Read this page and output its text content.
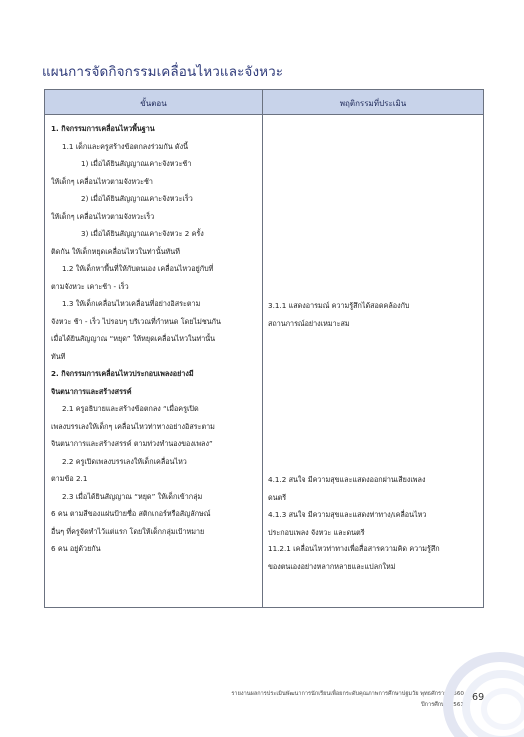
แผนการจัดกิจกรรมเคลื่อนไหวและจังหวะ
ขั้นตอน	พฤติกรรมที่ประเมิน
1. กิจกรรมการเคลื่อนไหวพื้นฐาน
1.1 เด็กและครูสร้างข้อตกลงร่วมกัน ดังนี้
1) เมื่อได้ยินสัญญาณเคาะจังหวะช้า
ให้เด็กๆ เคลื่อนไหวตามจังหวะช้า
2) เมื่อได้ยินสัญญาณเคาะจังหวะเร็ว
ให้เด็กๆ เคลื่อนไหวตามจังหวะเร็ว
3) เมื่อได้ยินสัญญาณเคาะจังหวะ 2 ครั้ง
ติดกัน ให้เด็กหยุดเคลื่อนไหวในท่านั้นทันที
1.2 ให้เด็กหาพื้นที่ให้กับตนเอง เคลื่อนไหวอยู่กับที่
ตามจังหวะ เคาะช้า - เร็ว
1.3 ให้เด็กเคลื่อนไหวเคลื่อนที่อย่างอิสระตาม
จังหวะ ช้า - เร็ว ไปรอบๆ บริเวณที่กำหนด โดยไม่ชนกัน
เมื่อได้ยินสัญญาณ “หยุด” ให้หยุดเคลื่อนไหวในท่านั้น
ทันที
2. กิจกรรมการเคลื่อนไหวประกอบเพลงอย่างมี
จินตนาการและสร้างสรรค์
2.1 ครูอธิบายและสร้างข้อตกลง “เมื่อครูเปิด
เพลงบรรเลงให้เด็กๆ เคลื่อนไหวท่าทางอย่างอิสระตาม
จินตนาการและสร้างสรรค์ ตามท่วงทำนองของเพลง”
2.2 ครูเปิดเพลงบรรเลงให้เด็กเคลื่อนไหว
ตามข้อ 2.1
2.3 เมื่อได้ยินสัญญาณ “หยุด” ให้เด็กเข้ากลุ่ม
6 คน ตามสีของแผ่นป้ายชื่อ สติกเกอร์หรือสัญลักษณ์
อื่นๆ ที่ครูจัดทำไว้แต่แรก โดยให้เด็กกลุ่มเป้าหมาย
6 คน อยู่ด้วยกัน
3.1.1 แสดงอารมณ์ ความรู้สึกได้สอดคล้องกับ
สถานการณ์อย่างเหมาะสม
4.1.2 สนใจ มีความสุขและแสดงออกผ่านเสียงเพลง
ดนตรี
4.1.3 สนใจ มีความสุขและแสดงท่าทาง/เคลื่อนไหว
ประกอบเพลง จังหวะ และดนตรี
11.2.1 เคลื่อนไหวท่าทางเพื่อสื่อสารความคิด ความรู้สึก
ของตนเองอย่างหลากหลายและแปลกใหม่
รายงานผลการประเมินพัฒนาการนักเรียนเพื่อยกระดับคุณภาพการศึกษาปฐมวัย พุทธศักราช 2560
ปีการศึกษา 2561
169
